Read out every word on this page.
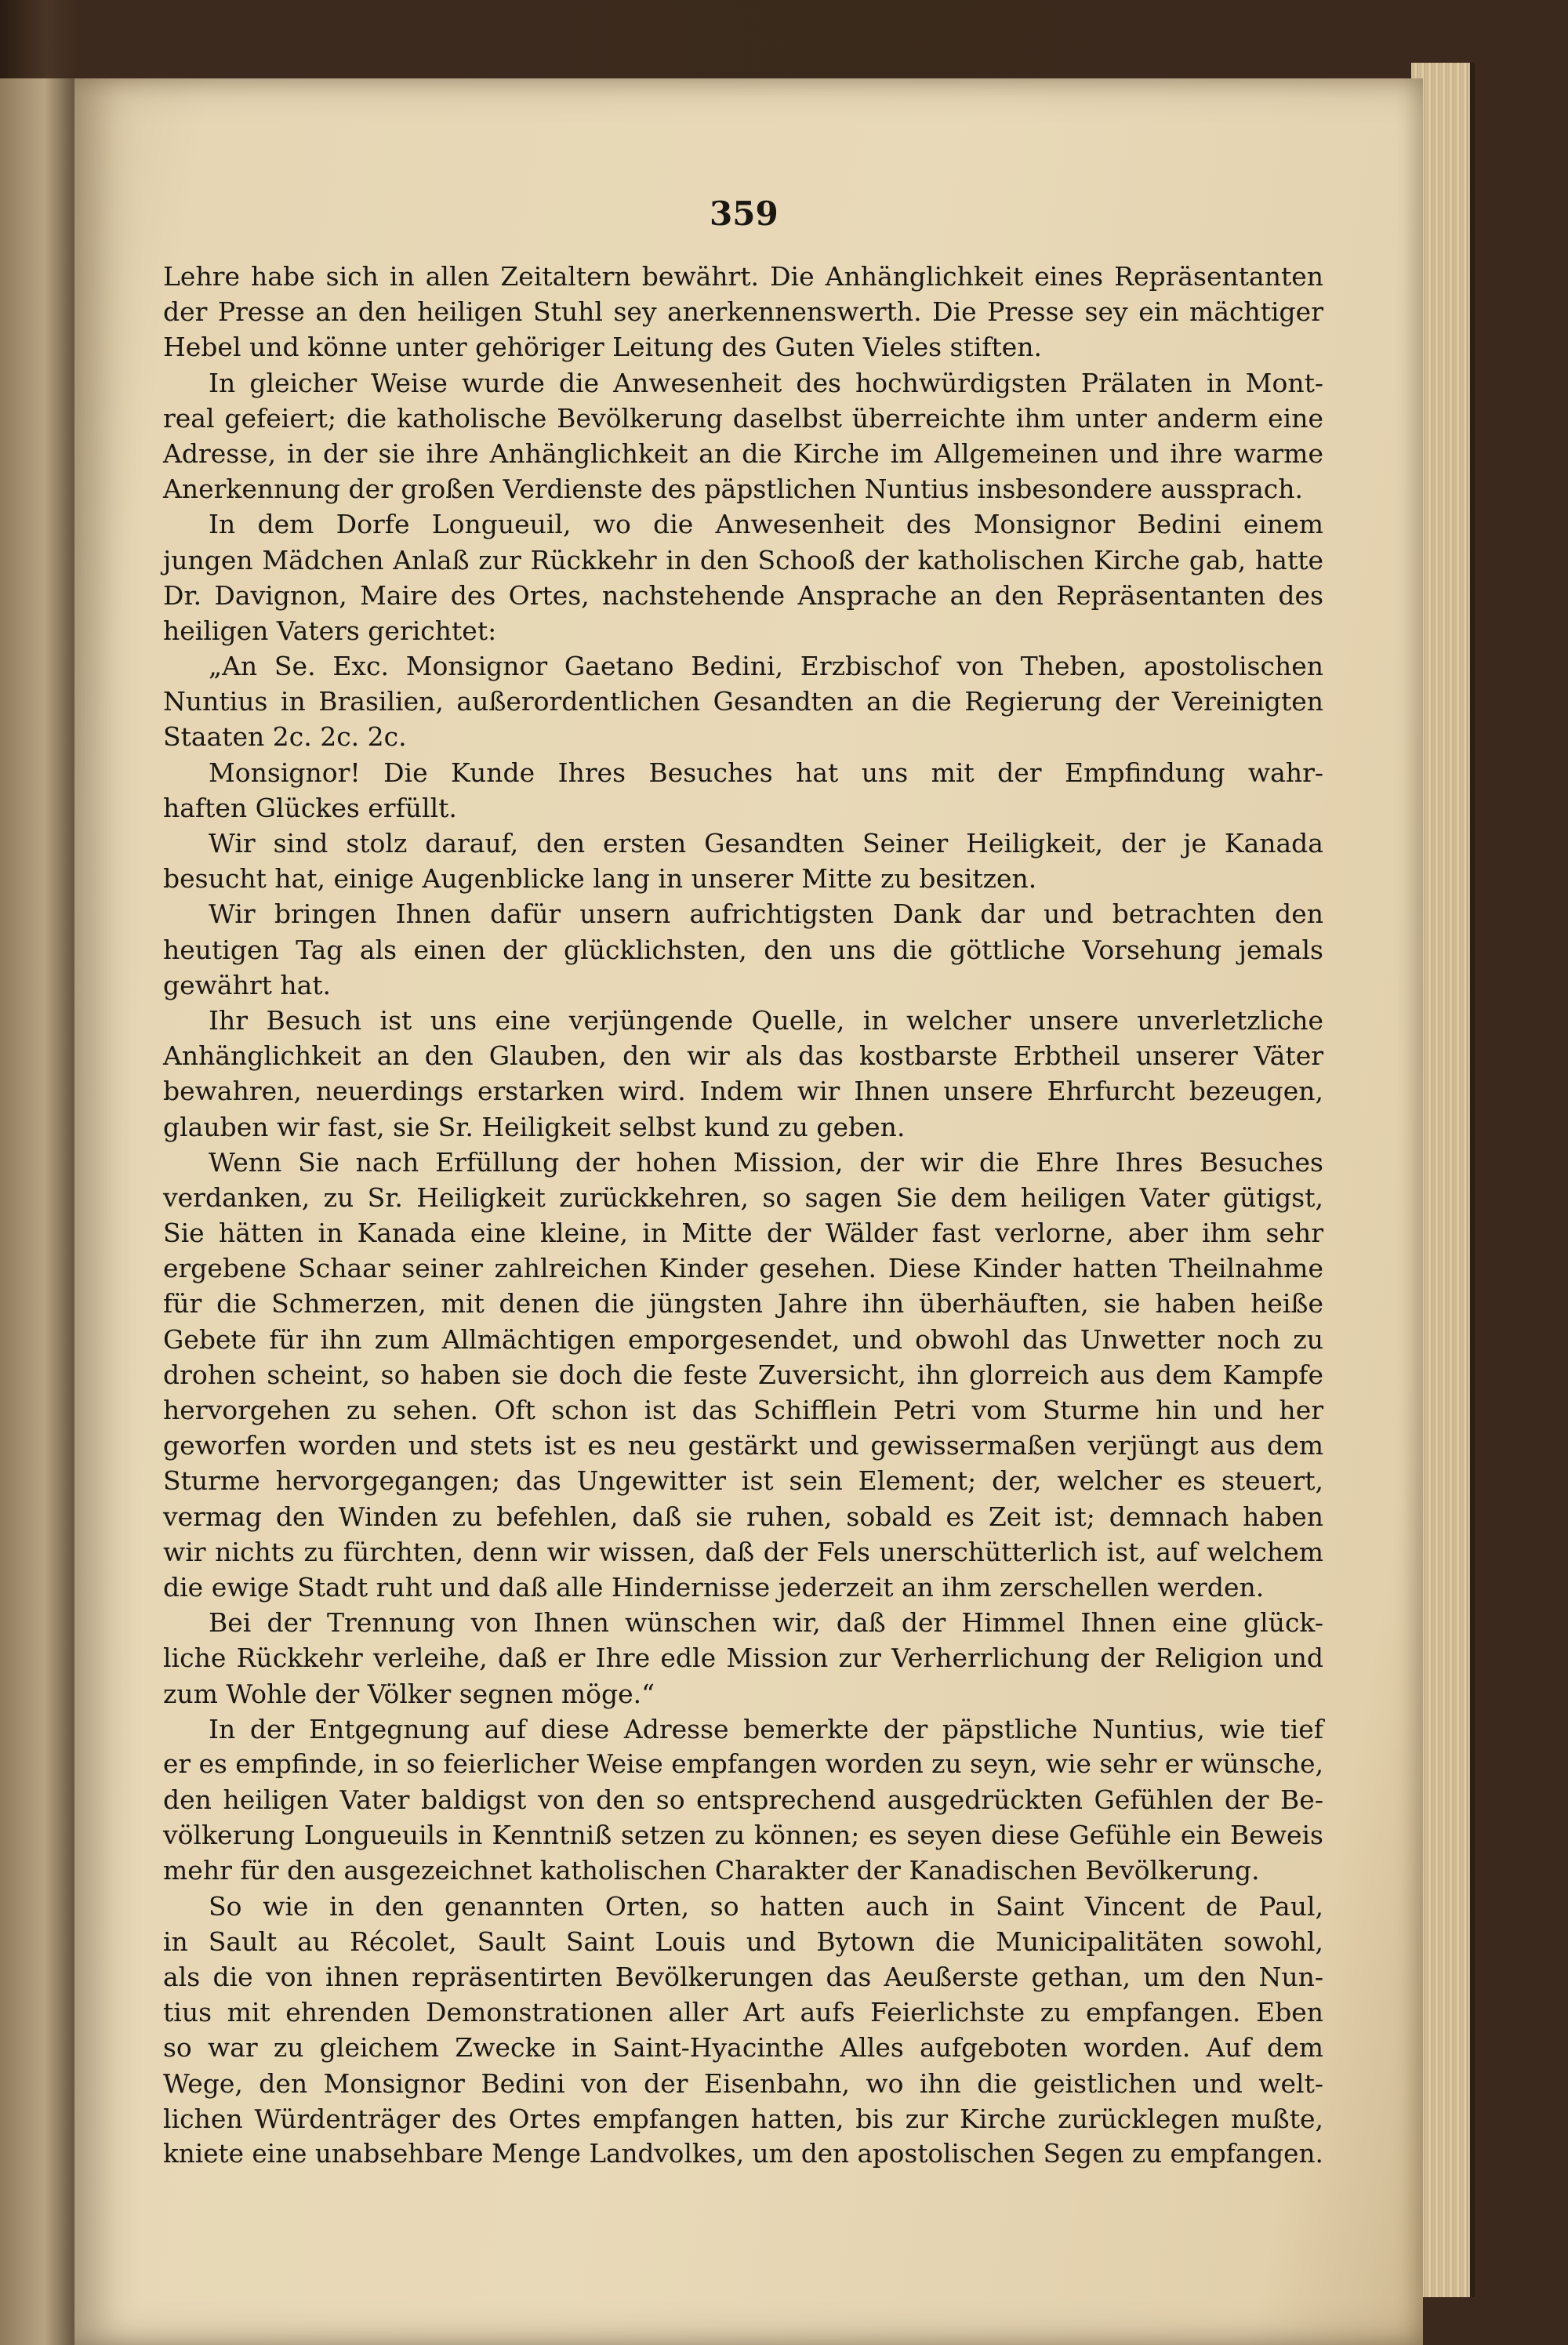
359
Lehre habe sich in allen Zeitaltern bewährt. Die Anhänglichkeit eines Repräsentanten
der Presse an den heiligen Stuhl sey anerkennenswerth. Die Presse sey ein mächtiger
Hebel und könne unter gehöriger Leitung des Guten Vieles stiften.
In gleicher Weise wurde die Anwesenheit des hochwürdigsten Prälaten in Mont-
real gefeiert; die katholische Bevölkerung daselbst überreichte ihm unter anderm eine
Adresse, in der sie ihre Anhänglichkeit an die Kirche im Allgemeinen und ihre warme
Anerkennung der großen Verdienste des päpstlichen Nuntius insbesondere aussprach.
In dem Dorfe Longueuil, wo die Anwesenheit des Monsignor Bedini einem
jungen Mädchen Anlaß zur Rückkehr in den Schooß der katholischen Kirche gab, hatte
Dr. Davignon, Maire des Ortes, nachstehende Ansprache an den Repräsentanten des
heiligen Vaters gerichtet:
„An Se. Exc. Monsignor Gaetano Bedini, Erzbischof von Theben, apostolischen
Nuntius in Brasilien, außerordentlichen Gesandten an die Regierung der Vereinigten
Staaten 2c. 2c. 2c.
Monsignor! Die Kunde Ihres Besuches hat uns mit der Empfindung wahr-
haften Glückes erfüllt.
Wir sind stolz darauf, den ersten Gesandten Seiner Heiligkeit, der je Kanada
besucht hat, einige Augenblicke lang in unserer Mitte zu besitzen.
Wir bringen Ihnen dafür unsern aufrichtigsten Dank dar und betrachten den
heutigen Tag als einen der glücklichsten, den uns die göttliche Vorsehung jemals
gewährt hat.
Ihr Besuch ist uns eine verjüngende Quelle, in welcher unsere unverletzliche
Anhänglichkeit an den Glauben, den wir als das kostbarste Erbtheil unserer Väter
bewahren, neuerdings erstarken wird. Indem wir Ihnen unsere Ehrfurcht bezeugen,
glauben wir fast, sie Sr. Heiligkeit selbst kund zu geben.
Wenn Sie nach Erfüllung der hohen Mission, der wir die Ehre Ihres Besuches
verdanken, zu Sr. Heiligkeit zurückkehren, so sagen Sie dem heiligen Vater gütigst,
Sie hätten in Kanada eine kleine, in Mitte der Wälder fast verlorne, aber ihm sehr
ergebene Schaar seiner zahlreichen Kinder gesehen. Diese Kinder hatten Theilnahme
für die Schmerzen, mit denen die jüngsten Jahre ihn überhäuften, sie haben heiße
Gebete für ihn zum Allmächtigen emporgesendet, und obwohl das Unwetter noch zu
drohen scheint, so haben sie doch die feste Zuversicht, ihn glorreich aus dem Kampfe
hervorgehen zu sehen. Oft schon ist das Schifflein Petri vom Sturme hin und her
geworfen worden und stets ist es neu gestärkt und gewissermaßen verjüngt aus dem
Sturme hervorgegangen; das Ungewitter ist sein Element; der, welcher es steuert,
vermag den Winden zu befehlen, daß sie ruhen, sobald es Zeit ist; demnach haben
wir nichts zu fürchten, denn wir wissen, daß der Fels unerschütterlich ist, auf welchem
die ewige Stadt ruht und daß alle Hindernisse jederzeit an ihm zerschellen werden.
Bei der Trennung von Ihnen wünschen wir, daß der Himmel Ihnen eine glück-
liche Rückkehr verleihe, daß er Ihre edle Mission zur Verherrlichung der Religion und
zum Wohle der Völker segnen möge.“
In der Entgegnung auf diese Adresse bemerkte der päpstliche Nuntius, wie tief
er es empfinde, in so feierlicher Weise empfangen worden zu seyn, wie sehr er wünsche,
den heiligen Vater baldigst von den so entsprechend ausgedrückten Gefühlen der Be-
völkerung Longueuils in Kenntniß setzen zu können; es seyen diese Gefühle ein Beweis
mehr für den ausgezeichnet katholischen Charakter der Kanadischen Bevölkerung.
So wie in den genannten Orten, so hatten auch in Saint Vincent de Paul,
in Sault au Récolet, Sault Saint Louis und Bytown die Municipalitäten sowohl,
als die von ihnen repräsentirten Bevölkerungen das Aeußerste gethan, um den Nun-
tius mit ehrenden Demonstrationen aller Art aufs Feierlichste zu empfangen. Eben
so war zu gleichem Zwecke in Saint-Hyacinthe Alles aufgeboten worden. Auf dem
Wege, den Monsignor Bedini von der Eisenbahn, wo ihn die geistlichen und welt-
lichen Würdenträger des Ortes empfangen hatten, bis zur Kirche zurücklegen mußte,
kniete eine unabsehbare Menge Landvolkes, um den apostolischen Segen zu empfangen.
